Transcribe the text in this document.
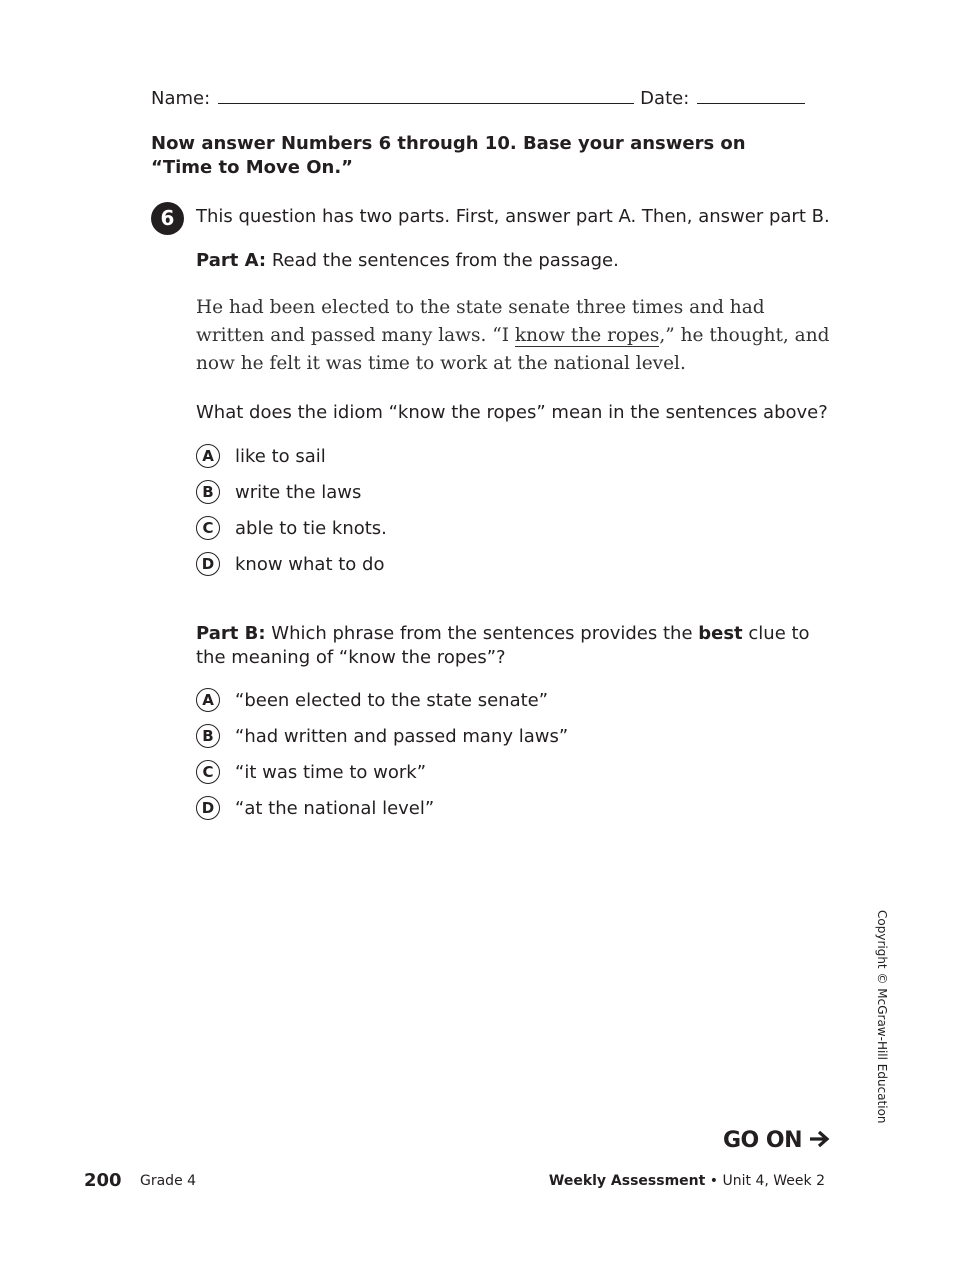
Name:	Date:
Now answer Numbers 6 through 10. Base your answers on “Time to Move On.”
6	This question has two parts. First, answer part A. Then, answer part B.
Part A: Read the sentences from the passage.
He had been elected to the state senate three times and had written and passed many laws. “I know the ropes,” he thought, and now he felt it was time to work at the national level.
What does the idiom “know the ropes” mean in the sentences above?
A	like to sail
B	write the laws
C	able to tie knots.
D	know what to do
Part B: Which phrase from the sentences provides the best clue to the meaning of “know the ropes”?
A	“been elected to the state senate”
B	“had written and passed many laws”
C	“it was time to work”
D	“at the national level”
Copyright © McGraw-Hill Education
GO ON
200 Grade 4	Weekly Assessment • Unit 4, Week 2
